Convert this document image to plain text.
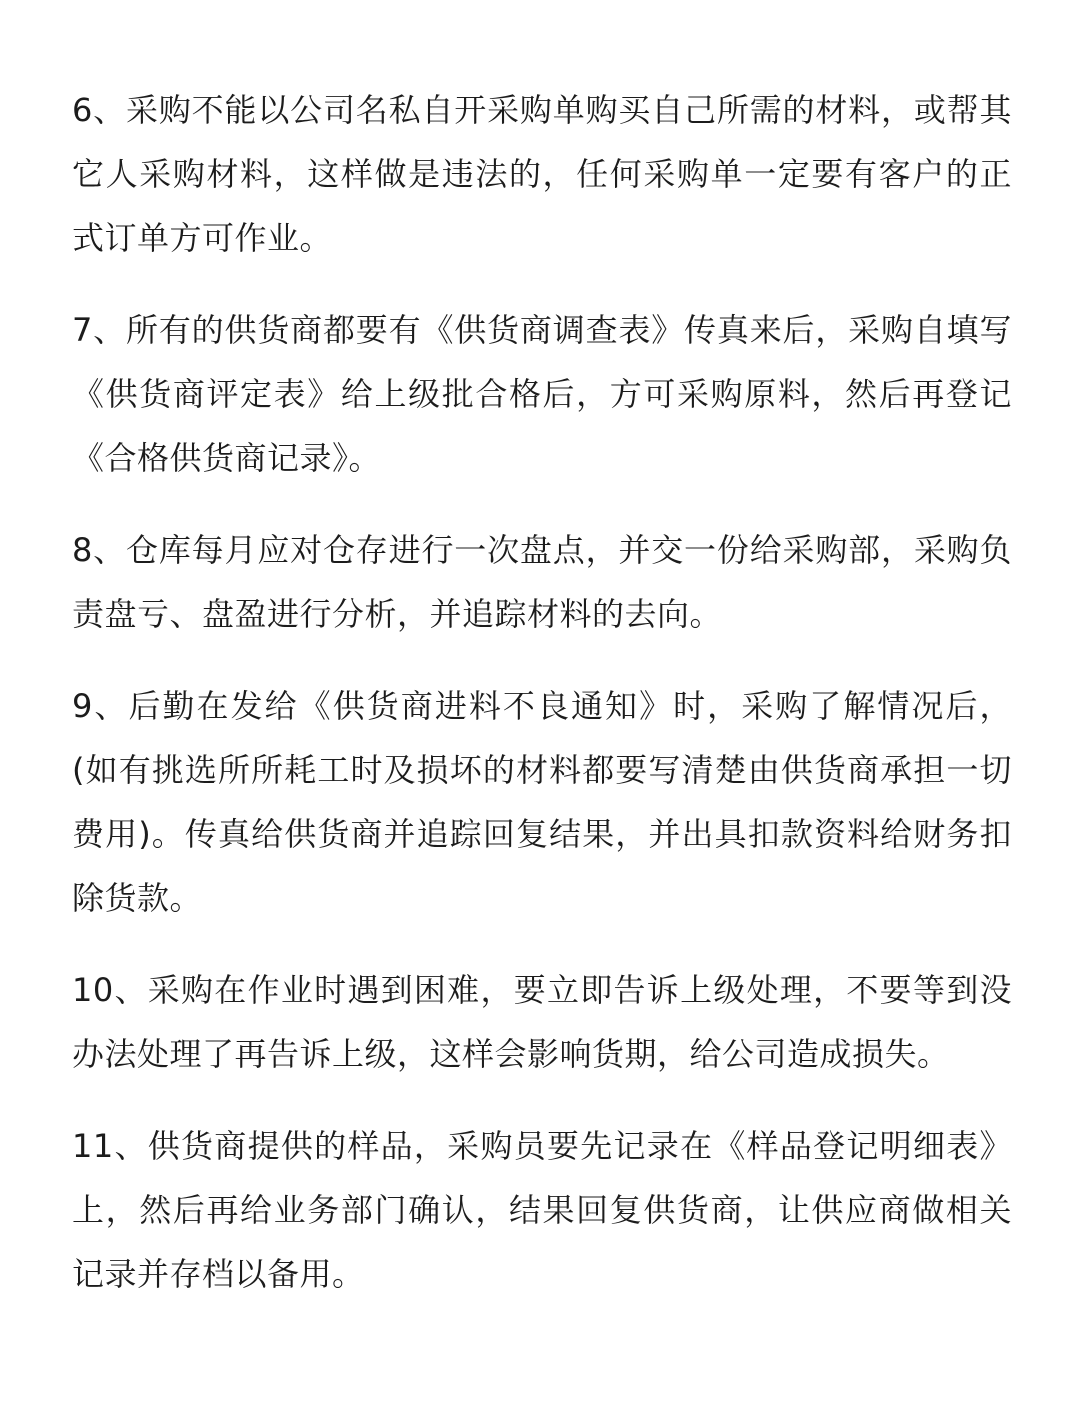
6、采购不能以公司名私自开采购单购买自己所需的材料，或帮其它人采购材料，这样做是违法的，任何采购单一定要有客户的正式订单方可作业。

7、所有的供货商都要有《供货商调查表》传真来后，采购自填写《供货商评定表》给上级批合格后，方可采购原料，然后再登记《合格供货商记录》。

8、仓库每月应对仓存进行一次盘点，并交一份给采购部，采购负责盘亏、盘盈进行分析，并追踪材料的去向。

9、后勤在发给《供货商进料不良通知》时，采购了解情况后，(如有挑选所所耗工时及损坏的材料都要写清楚由供货商承担一切费用)。传真给供货商并追踪回复结果，并出具扣款资料给财务扣除货款。

10、采购在作业时遇到困难，要立即告诉上级处理，不要等到没办法处理了再告诉上级，这样会影响货期，给公司造成损失。

11、供货商提供的样品，采购员要先记录在《样品登记明细表》上，然后再给业务部门确认，结果回复供货商，让供应商做相关记录并存档以备用。
